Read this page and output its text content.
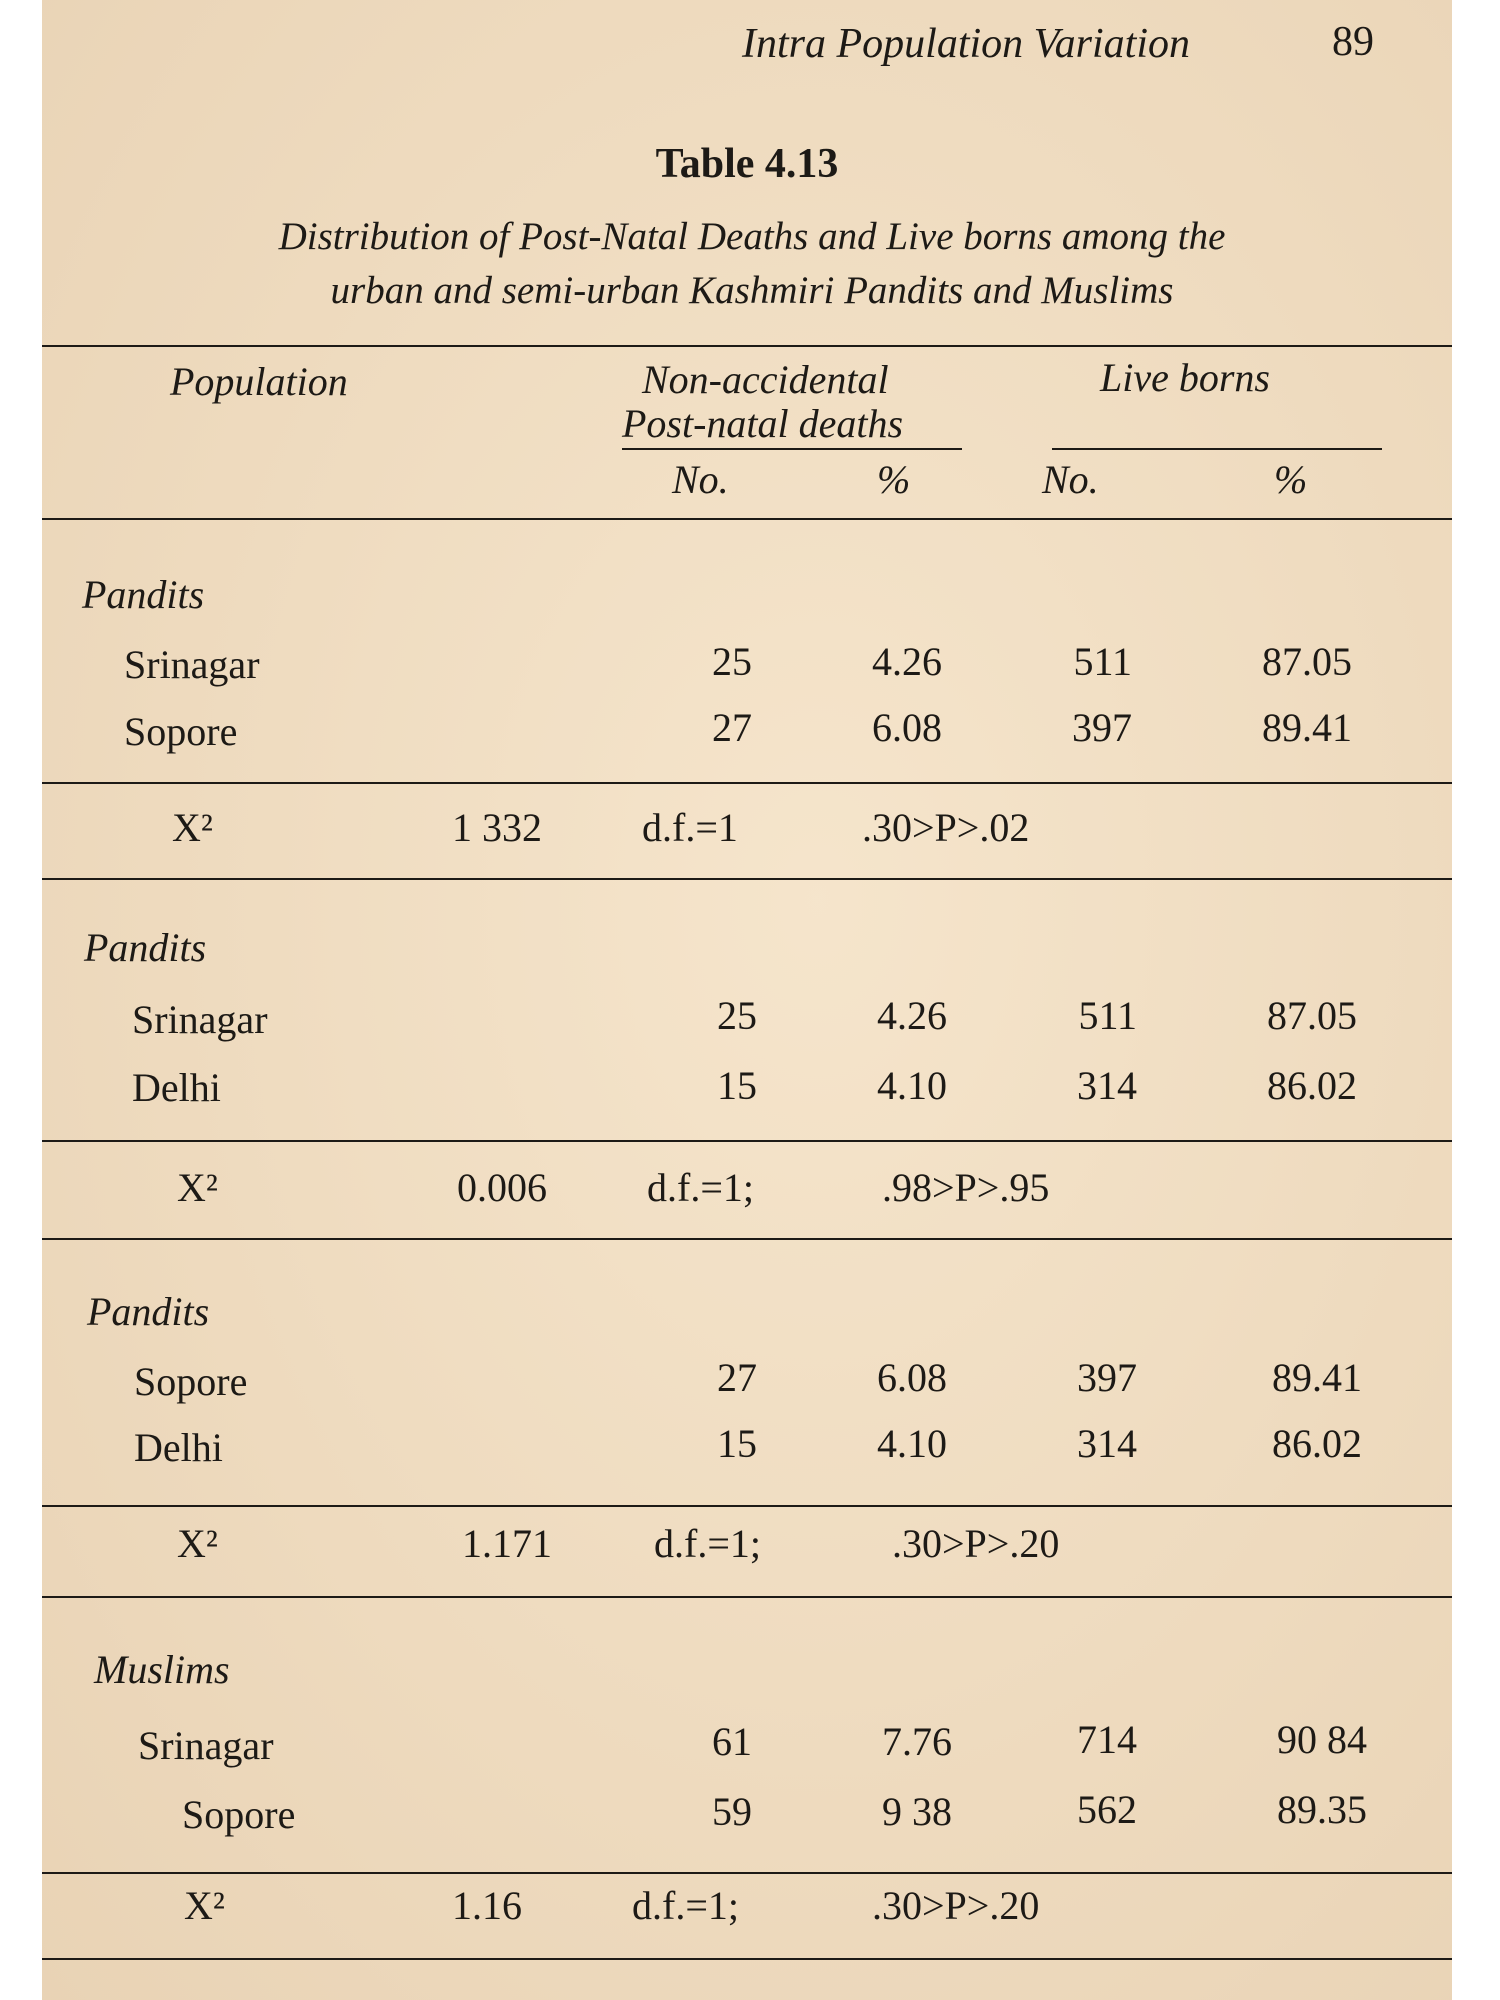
Intra Population Variation	89
Table 4.13
Distribution of Post-Natal Deaths and Live borns among the
urban and semi-urban Kashmiri Pandits and Muslims
Population	Non-accidental
Post-natal deaths
Live borns
No.	%	No.	%
Pandits
Srinagar	25	4.26	511	87.05
Sopore	27	6.08	397	89.41
X²	1 332	d.f.=1	.30>P>.02
Pandits
Srinagar	25	4.26	511	87.05
Delhi	15	4.10	314	86.02
X²	0.006	d.f.=1;	.98>P>.95
Pandits
Sopore	27	6.08	397	89.41
Delhi	15	4.10	314	86.02
X²	1.171	d.f.=1;	.30>P>.20
Muslims
Srinagar	61	7.76	714	90 84
Sopore	59	9 38	562	89.35
X²	1.16	d.f.=1;	.30>P>.20
